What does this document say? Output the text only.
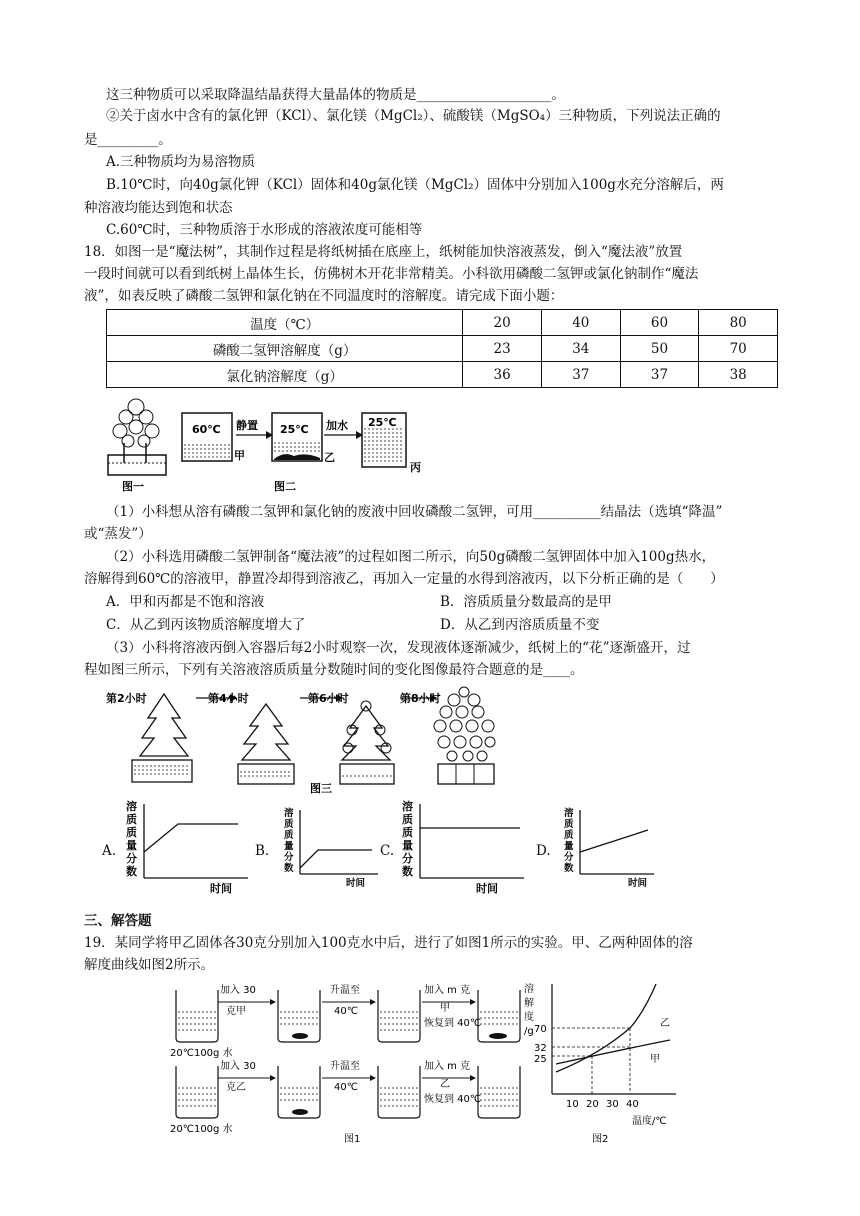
这三种物质可以采取降温结晶获得大量晶体的物质是____________________。
②关于卤水中含有的氯化钾（KCl）、氯化镁（MgCl₂）、硫酸镁（MgSO₄）三种物质，下列说法正确的
是_________。
A.三种物质均为易溶物质
B.10℃时，向40g氯化钾（KCl）固体和40g氯化镁（MgCl₂）固体中分别加入100g水充分溶解后，两
种溶液均能达到饱和状态
C.60℃时，三种物质溶于水形成的溶液浓度可能相等
18．如图一是“魔法树”，其制作过程是将纸树插在底座上，纸树能加快溶液蒸发，倒入“魔法液”放置
一段时间就可以看到纸树上晶体生长，仿佛树木开花非常精美。小科欲用磷酸二氢钾或氯化钠制作“魔法
液”，如表反映了磷酸二氢钾和氯化钠在不同温度时的溶解度。请完成下面小题：
温度（℃）	20	40	60	80
磷酸二氢钾溶解度（g）	23	34	50	70
氯化钠溶解度（g）	36	37	37	38
图一
60℃
甲
静置 25℃
乙
图二
加水 25℃
丙
（1）小科想从溶有磷酸二氢钾和氯化钠的废液中回收磷酸二氢钾，可用__________结晶法（选填“降温”
或“蒸发”）
（2）小科选用磷酸二氢钾制备“魔法液”的过程如图二所示，向50g磷酸二氢钾固体中加入100g热水，
溶解得到60℃的溶液甲，静置冷却得到溶液乙，再加入一定量的水得到溶液丙，以下分析正确的是（　　）
A．甲和丙都是不饱和溶液	B．溶质质量分数最高的是甲
C．从乙到丙该物质溶解度增大了	D．从乙到丙溶质质量不变
（3）小科将溶液丙倒入容器后每2小时观察一次，发现液体逐渐减少，纸树上的“花”逐渐盛开，过
程如图三所示，下列有关溶液溶质质量分数随时间的变化图像最符合题意的是____。
第2小时	第4小时	第6小时	第8小时
图三
A.	B.	C.	D.
溶
质
质
量
分
数
时间
溶
质
质
量
分
数
时间
溶
质
质
量
分
数
时间
溶
质
质
量
分
数
时间
三、解答题
19．某同学将甲乙固体各30克分别加入100克水中后，进行了如图1所示的实验。甲、乙两种固体的溶
解度曲线如图2所示。
加入 30
克甲
升温至
40℃
加入 m 克
甲
恢复到 40℃
20℃100g 水
加入 30
克乙
升温至
40℃
加入 m 克
乙
恢复到 40℃
20℃100g 水
图1
溶
解
度
/g 70
32
25
10 20 30 40
温度/℃
乙
甲
图2
